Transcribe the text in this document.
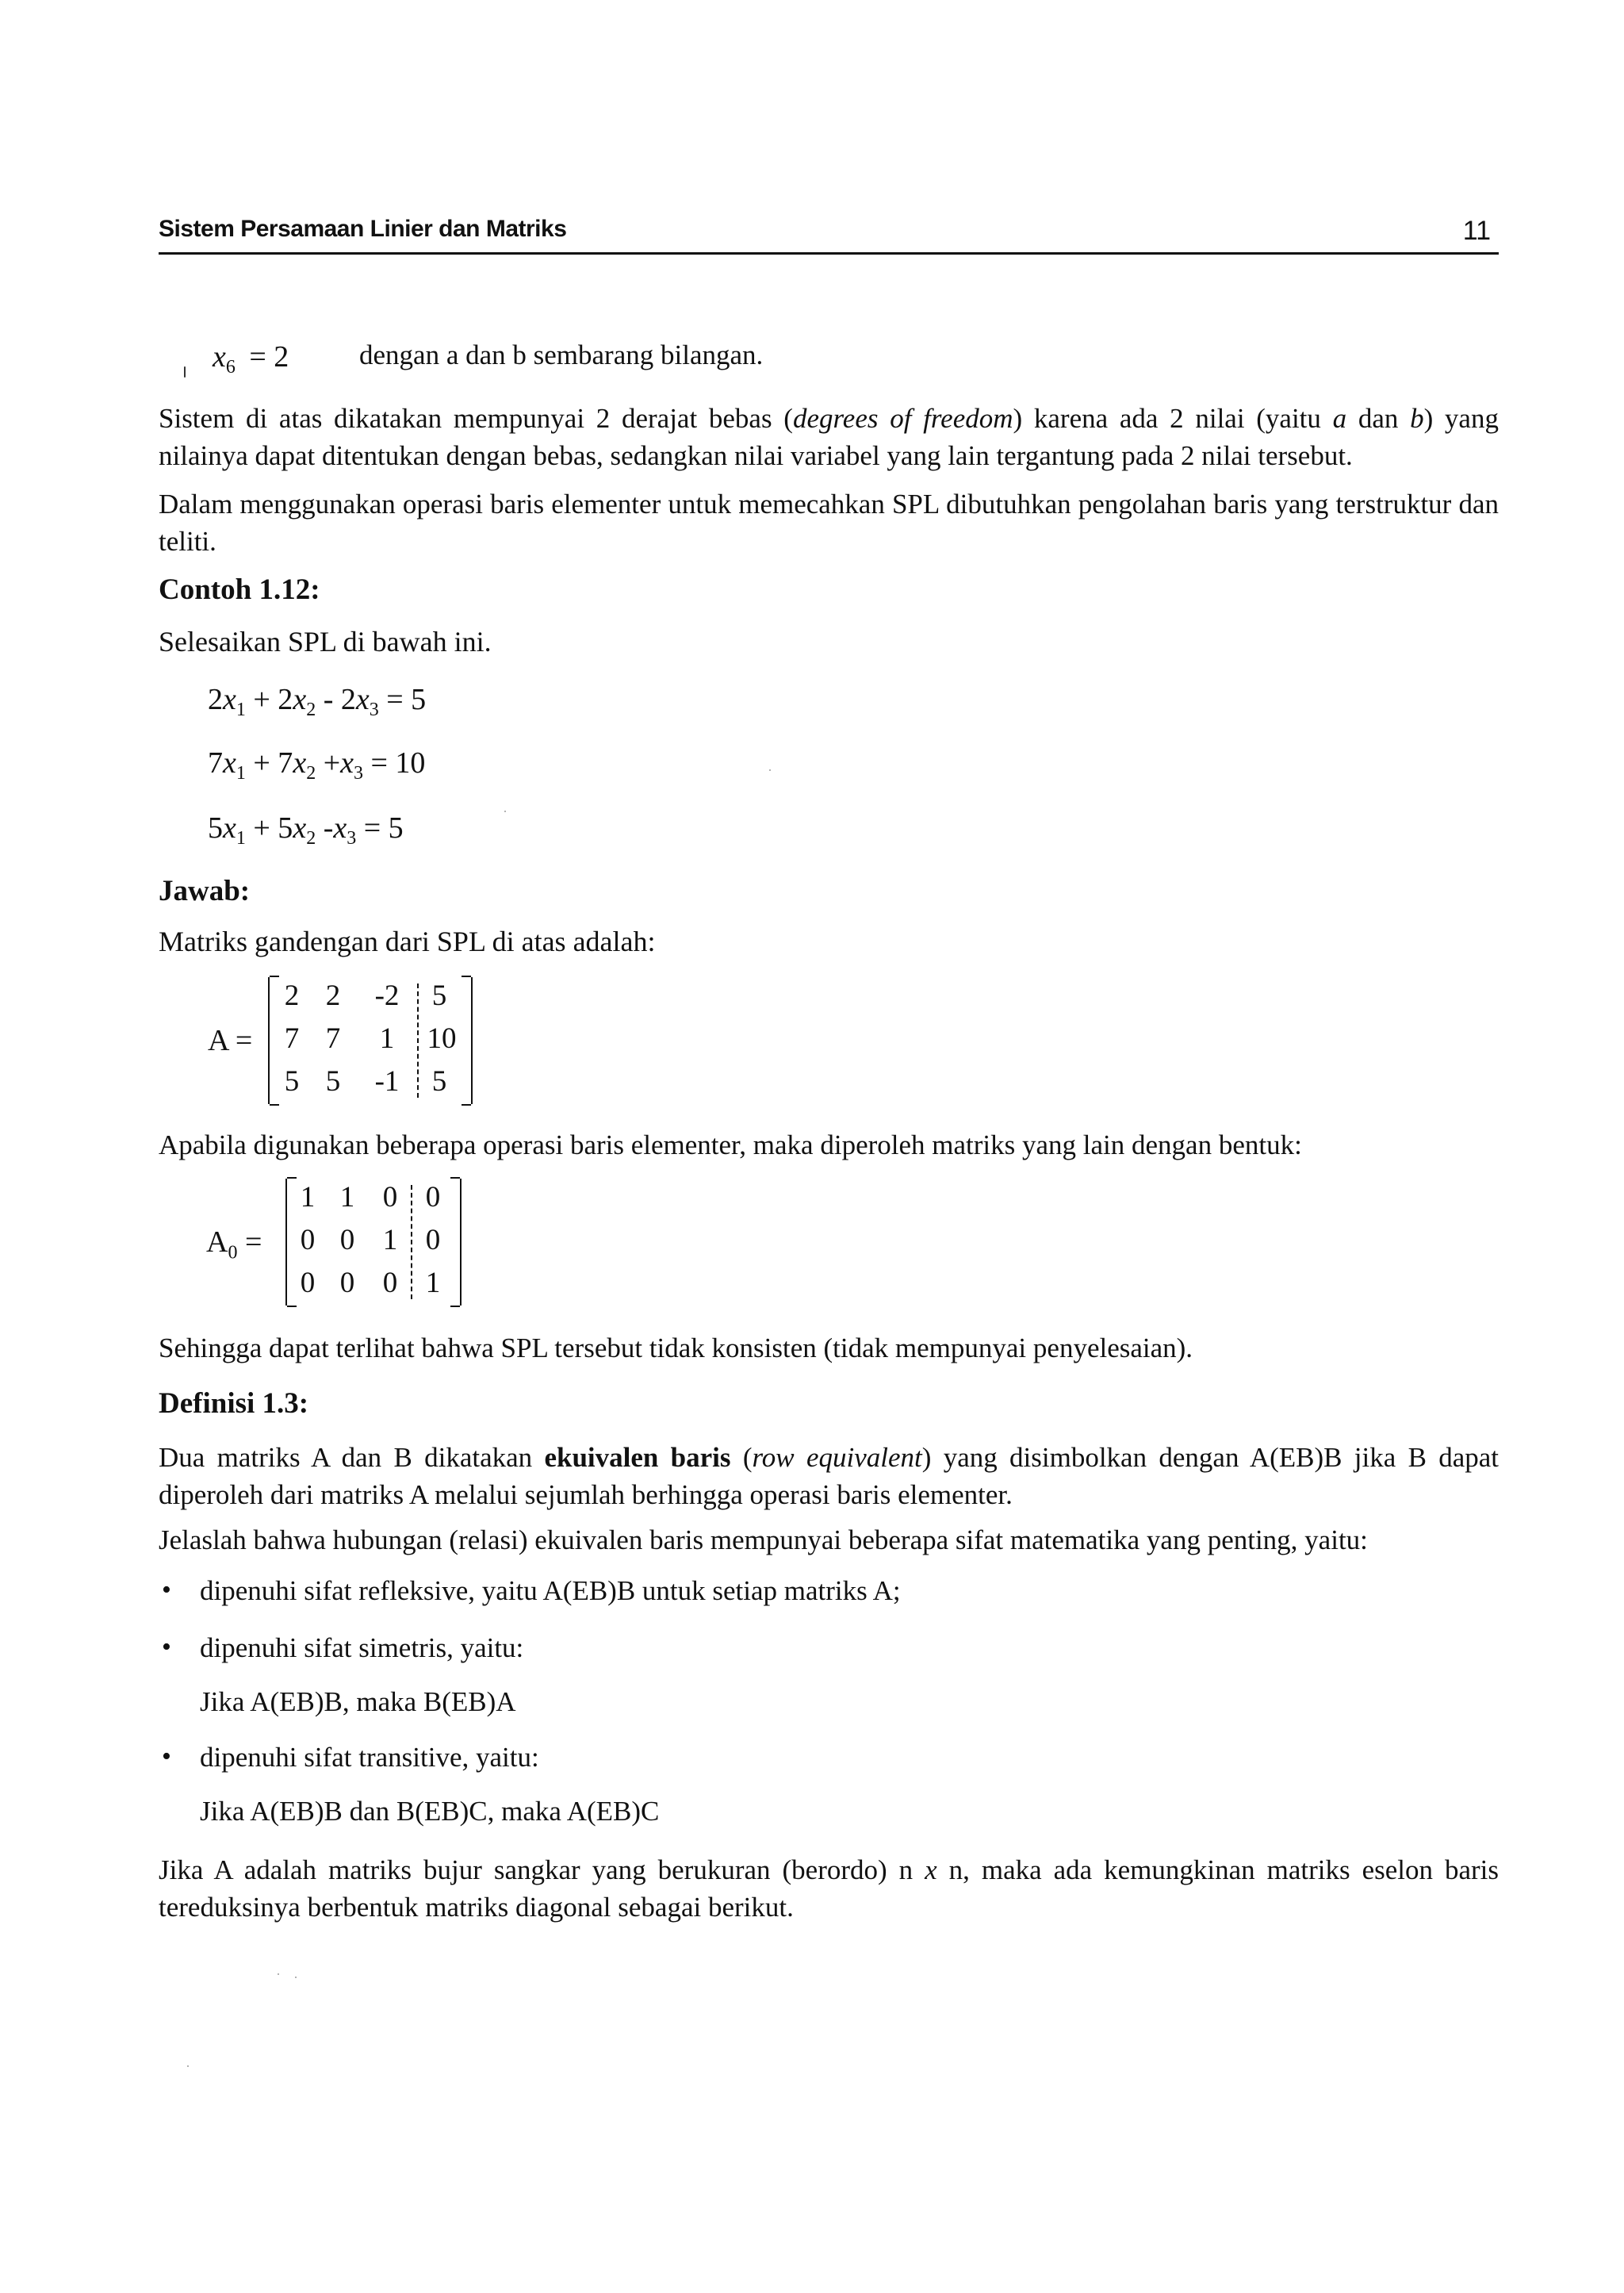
Sistem Persamaan Linier dan Matriks	11
$x_6 = 2$	dengan a dan b sembarang bilangan.

Sistem di atas dikatakan mempunyai 2 derajat bebas (degrees of freedom) karena ada 2 nilai (yaitu a dan b) yang nilainya dapat ditentukan dengan bebas, sedangkan nilai variabel yang lain tergantung pada 2 nilai tersebut.

Dalam menggunakan operasi baris elementer untuk memecahkan SPL dibutuhkan pengolahan baris yang terstruktur dan teliti.

Contoh 1.12:
Selesaikan SPL di bawah ini.
$2x_1 + 2x_2 - 2x_3 = 5$
$7x_1 + 7x_2 +x_3 = 10$
$5x_1 + 5x_2$ $-x_3 = 5$
Jawab:
Matriks gandengan dari SPL di atas adalah:
A =
2 2	-2	5
7 7 1 10
5 5	-1	5
Apabila digunakan beberapa operasi baris elementer, maka diperoleh matriks yang lain dengan bentuk:
$A_0$ =
1 1 0 0
0 0 1 0
0 0 0 1
Sehingga dapat terlihat bahwa SPL tersebut tidak konsisten (tidak mempunyai penyelesaian).
Definisi 1.3:

Dua matriks A dan B dikatakan ekuivalen baris (row equivalent) yang disimbolkan dengan A(EB)B jika B dapat diperoleh dari matriks A melalui sejumlah berhingga operasi baris elementer.

Jelaslah bahwa hubungan (relasi) ekuivalen baris mempunyai beberapa sifat matematika yang penting, yaitu:
• dipenuhi sifat refleksive, yaitu A(EB)B untuk setiap matriks A;
• dipenuhi sifat simetris, yaitu:
Jika A(EB)B, maka B(EB)A
• dipenuhi sifat transitive, yaitu:
Jika A(EB)B dan B(EB)C, maka A(EB)C

Jika A adalah matriks bujur sangkar yang berukuran (berordo) n x n, maka ada kemungkinan matriks eselon baris tereduksinya berbentuk matriks diagonal sebagai berikut.
